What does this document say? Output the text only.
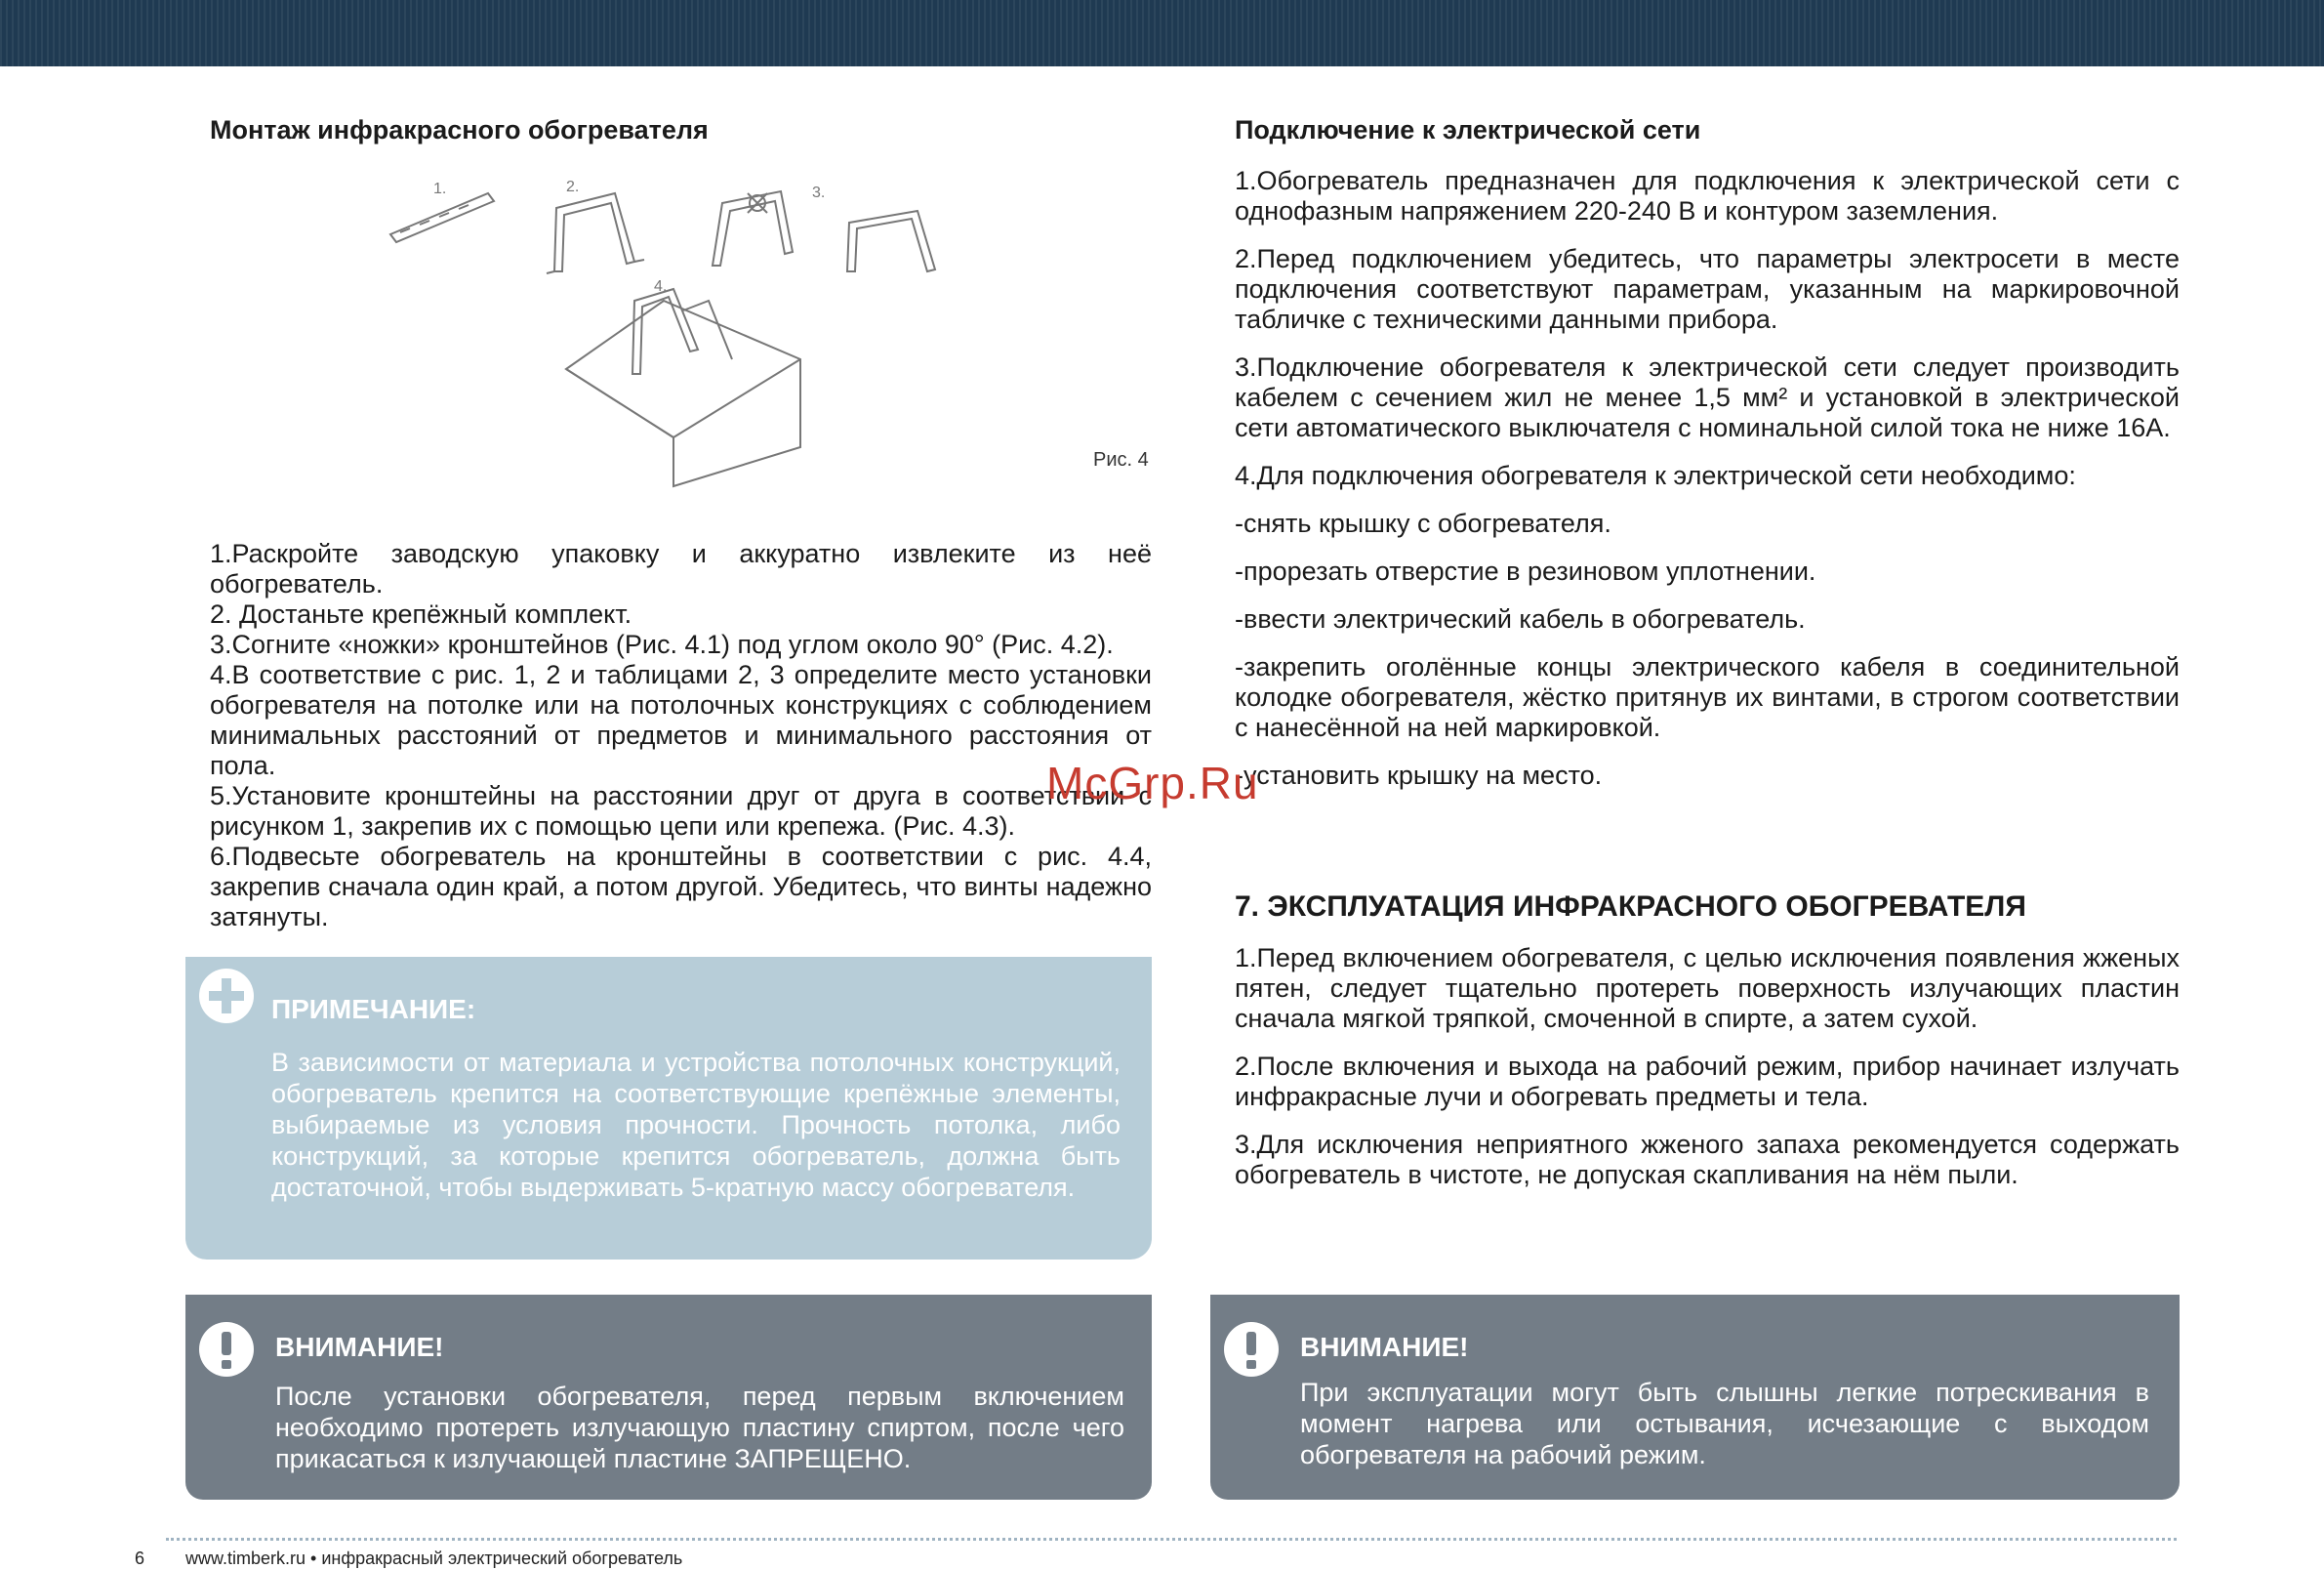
Монтаж инфракрасного обогревателя
1.	2.	3.
4.
Рис. 4

1.Раскройте заводскую упаковку и аккуратно извлеките из неё обогреватель.

2. Достаньте крепёжный комплект.

3.Согните «ножки» кронштейнов (Рис. 4.1) под углом около 90° (Рис. 4.2).

4.В соответствие с рис. 1, 2 и таблицами 2, 3 определите место установки обогревателя на потолке или на потолочных конструкциях с соблюдением минимальных расстояний от предметов и минимального расстояния от пола.

5.Установите кронштейны на расстоянии друг от друга в соответствии с рисунком 1, закрепив их с помощью цепи или крепежа. (Рис. 4.3).

6.Подвесьте обогреватель на кронштейны в соответствии с рис. 4.4, закрепив сначала один край, а потом другой. Убедитесь, что винты надежно затянуты.

ПРИМЕЧАНИЕ:
В зависимости от материала и устройства потолочных конструкций, обогреватель крепится на соответствующие крепёжные элементы, выбираемые из условия прочности. Прочность потолка, либо конструкций, за которые крепится обогреватель, должна быть достаточной, чтобы выдерживать 5-кратную массу обогревателя.
ВНИМАНИЕ!
После установки обогревателя, перед первым включением необходимо протереть излучающую пластину спиртом, после чего прикасаться к излучающей пластине ЗАПРЕЩЕНО.
Подключение к электрической сети

1.Обогреватель предназначен для подключения к электрической сети с однофазным напряжением 220-240 В и контуром заземления.

2.Перед подключением убедитесь, что параметры электросети в месте подключения соответствуют параметрам, указанным на маркировочной табличке с техническими данными прибора.

3.Подключение обогревателя к электрической сети следует производить кабелем с сечением жил не менее 1,5 мм² и установкой в электрической сети автоматического выключателя с номинальной силой тока не ниже 16А.

4.Для подключения обогревателя к электрической сети необходимо:

-снять крышку с обогревателя.

-прорезать отверстие в резиновом уплотнении.

-ввести электрический кабель в обогреватель.

-закрепить оголённые концы электрического кабеля в соединительной колодке обогревателя, жёстко притянув их винтами, в строгом соответствии с нанесённой на ней маркировкой.

-установить крышку на место.

7. ЭКСПЛУАТАЦИЯ ИНФРАКРАСНОГО ОБОГРЕВАТЕЛЯ

1.Перед включением обогревателя, с целью исключения появления жженых пятен, следует тщательно протереть поверхность излучающих пластин сначала мягкой тряпкой, смоченной в спирте, а затем сухой.

2.После включения и выхода на рабочий режим, прибор начинает излучать инфракрасные лучи и обогревать предметы и тела.

3.Для исключения неприятного жженого запаха рекомендуется содержать обогреватель в чистоте, не допуская скапливания на нём пыли.

ВНИМАНИЕ!
При эксплуатации могут быть слышны легкие потрескивания в момент нагрева или остывания, исчезающие с выходом обогревателя на рабочий режим.
McGrp.Ru
6 www.timberk.ru • инфракрасный электрический обогреватель
